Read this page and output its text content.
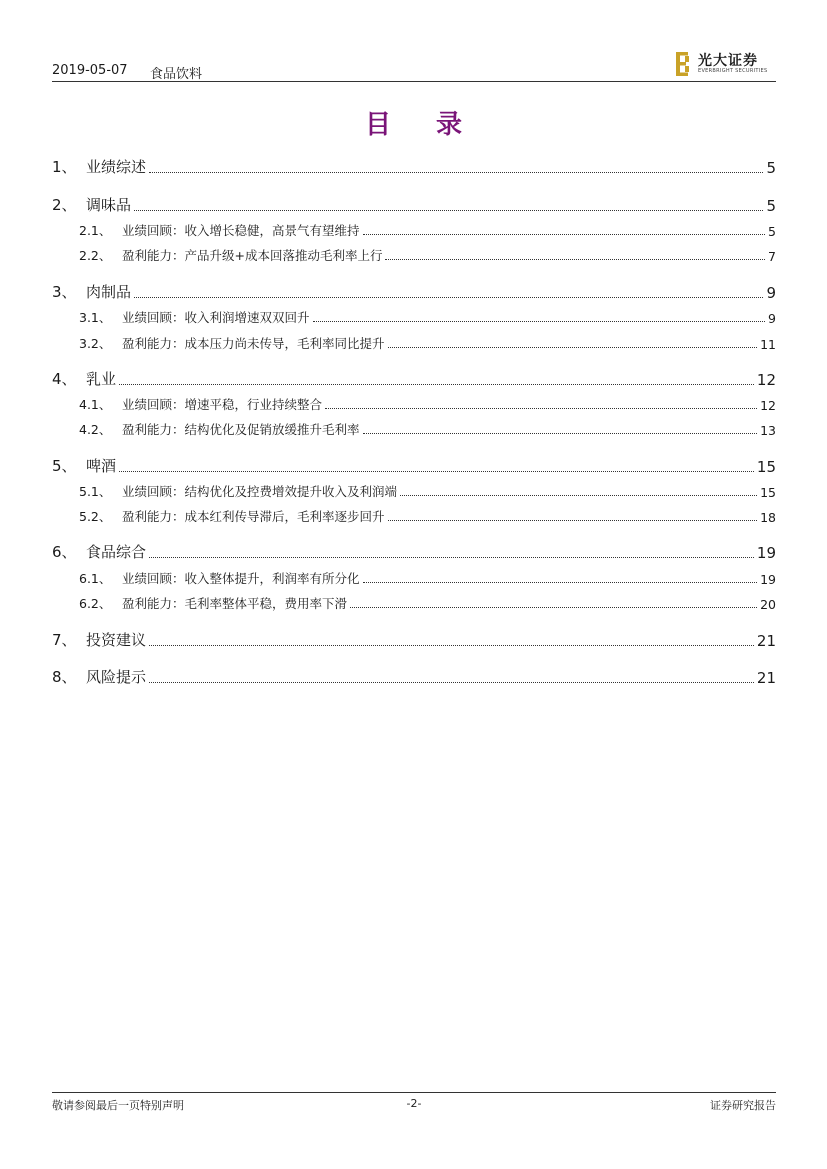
2019-05-07 食品饮料
光大证券
EVERBRIGHT SECURITIES
目 录
1、 业绩综述	5
2、 调味品	5
2.1、 业绩回顾：收入增长稳健，高景气有望维持	5
2.2、 盈利能力：产品升级+成本回落推动毛利率上行	7
3、 肉制品	9
3.1、 业绩回顾：收入利润增速双双回升	9
3.2、 盈利能力：成本压力尚未传导，毛利率同比提升	11
4、 乳业	12
4.1、 业绩回顾：增速平稳，行业持续整合	12
4.2、 盈利能力：结构优化及促销放缓推升毛利率	13
5、 啤酒	15
5.1、 业绩回顾：结构优化及控费增效提升收入及利润端	15
5.2、 盈利能力：成本红利传导滞后，毛利率逐步回升	18
6、 食品综合	19
6.1、 业绩回顾：收入整体提升，利润率有所分化	19
6.2、 盈利能力：毛利率整体平稳，费用率下滑	20
7、 投资建议	21
8、 风险提示	21
敬请参阅最后一页特别声明	-2-	证券研究报告
